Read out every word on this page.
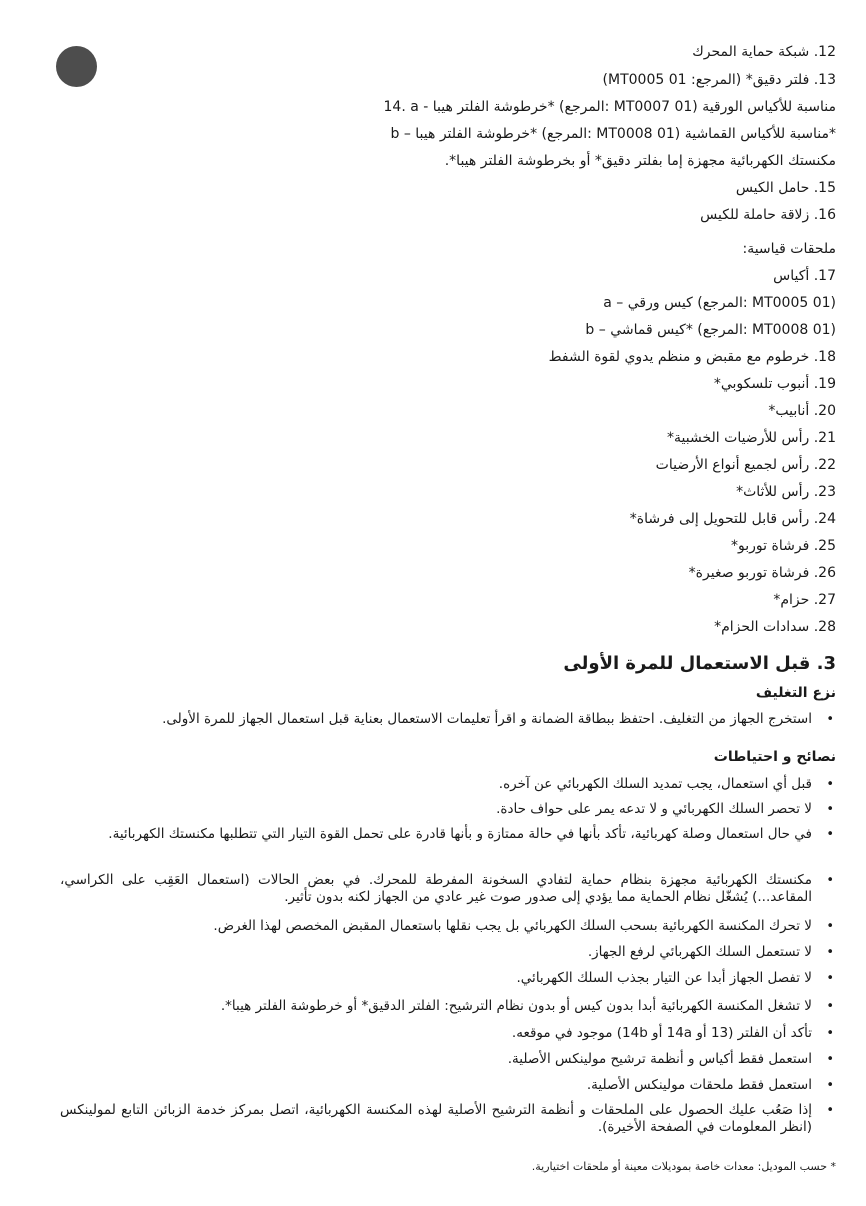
12. شبكة حماية المحرك
13. فلتر دقيق* (المرجع: MT0005 01)
14. a - خرطوشة الفلتر هيبا* (المرجع: MT0007 01) مناسبة للأكياس الورقية
b – خرطوشة الفلتر هيبا* (المرجع: MT0008 01) مناسبة للأكياس القماشية*
مكنستك الكهربائية مجهزة إما بفلتر دقيق* أو بخرطوشة الفلتر هيبا*.
15. حامل الكيس
16. زلاقة حاملة للكيس
ملحقات قياسية:
17. أكياس
a – كيس ورقي (المرجع: MT0005 01)
b – كيس قماشي* (المرجع: MT0008 01)
18. خرطوم مع مقبض و منظم يدوي لقوة الشفط
19. أنبوب تلسكوبي*
20. أنابيب*
21. رأس للأرضيات الخشبية*
22. رأس لجميع أنواع الأرضيات
23. رأس للأثاث*
24. رأس قابل للتحويل إلى فرشاة*
25. فرشاة توربو*
26. فرشاة توربو صغيرة*
27. حزام*
28. سدادات الحزام*
3. قبل الاستعمال للمرة الأولى
نزع التغليف
• استخرج الجهاز من التغليف. احتفظ ببطاقة الضمانة و اقرأ تعليمات الاستعمال بعناية قبل استعمال الجهاز للمرة الأولى.
نصائح و احتياطات
• قبل أي استعمال، يجب تمديد السلك الكهربائي عن آخره.
• لا تحصر السلك الكهربائي و لا تدعه يمر على حواف حادة.
• في حال استعمال وصلة كهربائية، تأكد بأنها في حالة ممتازة و بأنها قادرة على تحمل القوة التيار التي تتطلبها مكنستك الكهربائية.
• مكنستك الكهربائية مجهزة بنظام حماية لتفادي السخونة المفرطة للمحرك. في بعض الحالات (استعمال العَقِب على الكراسي، المقاعد...) يُشغّل نظام الحماية مما يؤدي إلى صدور صوت غير عادي من الجهاز لكنه بدون تأثير.
• لا تحرك المكنسة الكهربائية بسحب السلك الكهربائي بل يجب نقلها باستعمال المقبض المخصص لهذا الغرض.
• لا تستعمل السلك الكهربائي لرفع الجهاز.
• لا تفصل الجهاز أبدا عن التيار بجذب السلك الكهربائي.
• لا تشغل المكنسة الكهربائية أبدا بدون كيس أو بدون نظام الترشيح: الفلتر الدقيق* أو خرطوشة الفلتر هيبا*.
• تأكد أن الفلتر (13 أو 14a أو 14b) موجود في موقعه.
• استعمل فقط أكياس و أنظمة ترشيح مولينكس الأصلية.
• استعمل فقط ملحقات مولينكس الأصلية.
• إذا صَعُب عليك الحصول على الملحقات و أنظمة الترشيح الأصلية لهذه المكنسة الكهربائية، اتصل بمركز خدمة الزبائن التابع لمولينكس (انظر المعلومات في الصفحة الأخيرة).
* حسب الموديل: معدات خاصة بموديلات معينة أو ملحقات اختيارية.
